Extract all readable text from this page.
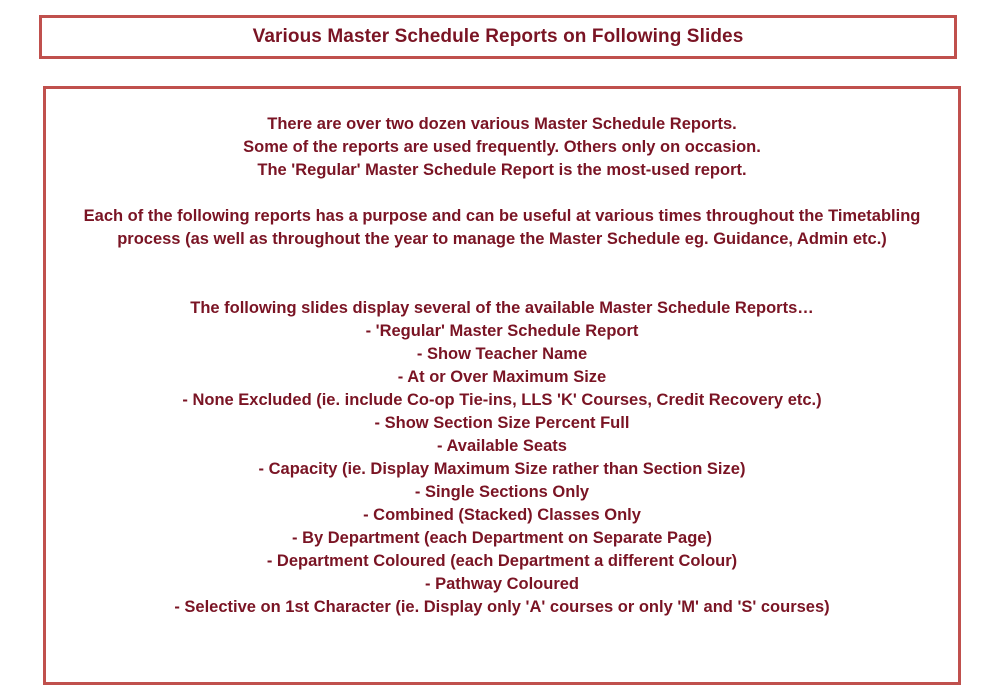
Various Master Schedule Reports on Following Slides
There are over two dozen various Master Schedule Reports.
Some of the reports are used frequently. Others only on occasion.
The 'Regular' Master Schedule Report is the most-used report.
Each of the following reports has a purpose and can be useful at various times throughout the Timetabling process (as well as throughout the year to manage the Master Schedule eg. Guidance, Admin etc.)
The following slides display several of the available Master Schedule Reports…
- 'Regular' Master Schedule Report
- Show Teacher Name
- At or Over Maximum Size
- None Excluded (ie. include Co-op Tie-ins, LLS 'K' Courses, Credit Recovery etc.)
- Show Section Size Percent Full
- Available Seats
- Capacity (ie. Display Maximum Size rather than Section Size)
- Single Sections Only
- Combined (Stacked) Classes Only
- By Department (each Department on Separate Page)
- Department Coloured (each Department a different Colour)
- Pathway Coloured
- Selective on 1st Character (ie. Display only 'A' courses or only 'M' and 'S' courses)
